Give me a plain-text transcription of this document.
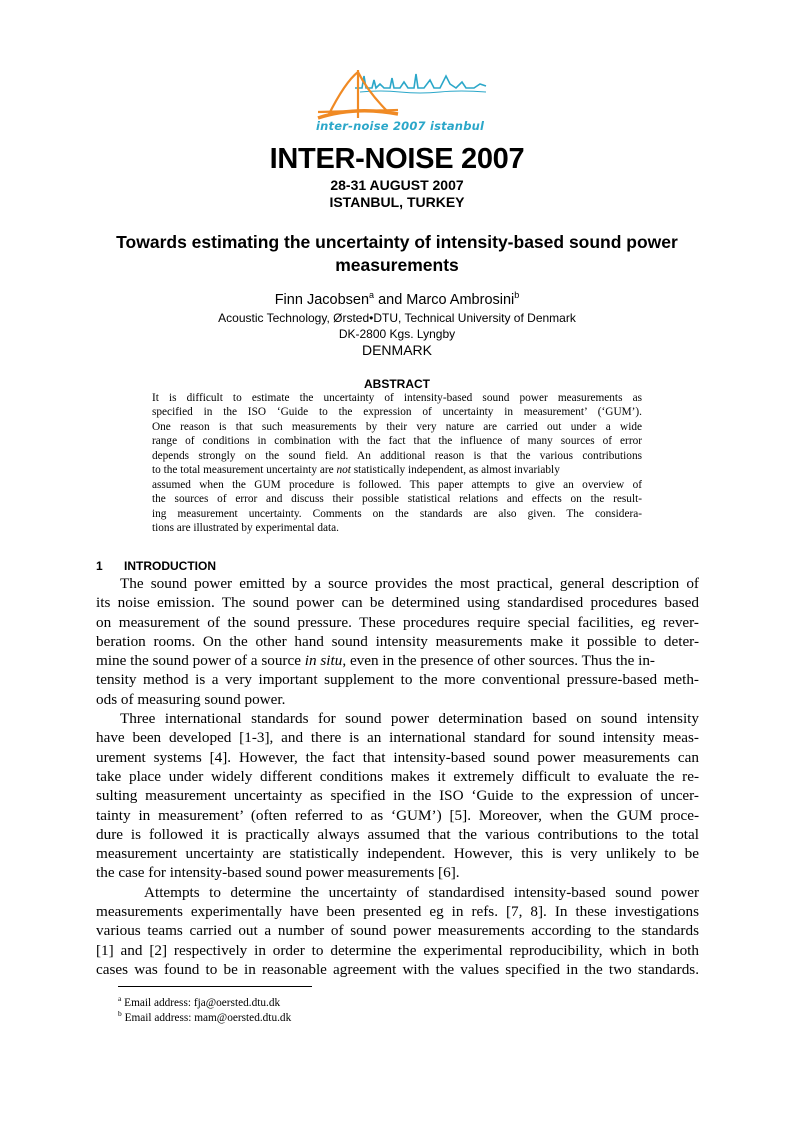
inter-noise 2007 istanbul
INTER-NOISE 2007
28-31 AUGUST 2007
ISTANBUL, TURKEY
Towards estimating the uncertainty of intensity-based sound power
measurements
Finn Jacobsen$^a$ and Marco Ambrosini$^b$
Acoustic Technology, Ørsted•DTU, Technical University of Denmark
DK-2800 Kgs. Lyngby
DENMARK
ABSTRACT
It is difficult to estimate the uncertainty of intensity-based sound power measurements as
specified in the ISO ‘Guide to the expression of uncertainty in measurement’ (‘GUM’).
One reason is that such measurements by their very nature are carried out under a wide
range of conditions in combination with the fact that the influence of many sources of error
depends strongly on the sound field. An additional reason is that the various contributions
to the total measurement uncertainty are not statistically independent, as almost invariably
assumed when the GUM procedure is followed. This paper attempts to give an overview of
the sources of error and discuss their possible statistical relations and effects on the result-
ing measurement uncertainty. Comments on the standards are also given. The considera-
tions are illustrated by experimental data.
1 INTRODUCTION
The sound power emitted by a source provides the most practical, general description of
its noise emission. The sound power can be determined using standardised procedures based
on measurement of the sound pressure. These procedures require special facilities, eg rever-
beration rooms. On the other hand sound intensity measurements make it possible to deter-
mine the sound power of a source in situ, even in the presence of other sources. Thus the in-
tensity method is a very important supplement to the more conventional pressure-based meth-
ods of measuring sound power.
Three international standards for sound power determination based on sound intensity
have been developed [1-3], and there is an international standard for sound intensity meas-
urement systems [4]. However, the fact that intensity-based sound power measurements can
take place under widely different conditions makes it extremely difficult to evaluate the re-
sulting measurement uncertainty as specified in the ISO ‘Guide to the expression of uncer-
tainty in measurement’ (often referred to as ‘GUM’) [5]. Moreover, when the GUM proce-
dure is followed it is practically always assumed that the various contributions to the total
measurement uncertainty are statistically independent. However, this is very unlikely to be
the case for intensity-based sound power measurements [6].
Attempts to determine the uncertainty of standardised intensity-based sound power
measurements experimentally have been presented eg in refs. [7, 8]. In these investigations
various teams carried out a number of sound power measurements according to the standards
[1] and [2] respectively in order to determine the experimental reproducibility, which in both
cases was found to be in reasonable agreement with the values specified in the two standards.
$^a$ Email address: fja@oersted.dtu.dk
$^b$ Email address: mam@oersted.dtu.dk
